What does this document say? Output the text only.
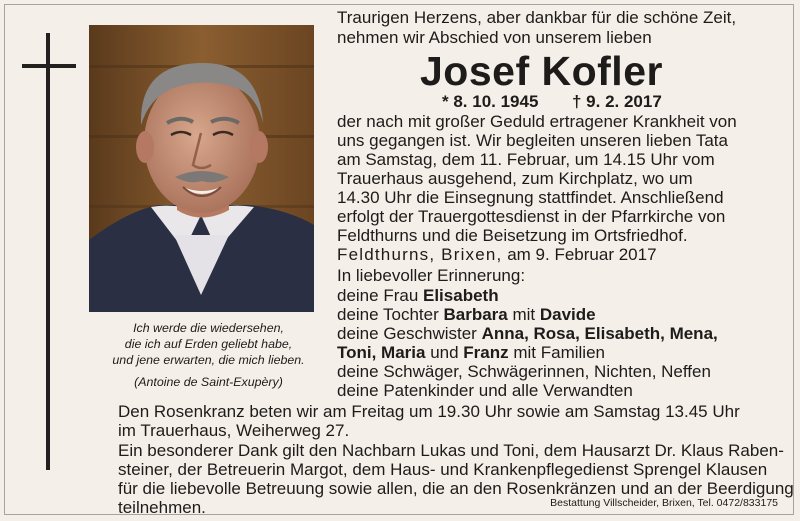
Ich werde die wiedersehen,
die ich auf Erden geliebt habe,
und jene erwarten, die mich lieben.
(Antoine de Saint-Exupèry)
Traurigen Herzens, aber dankbar für die schöne Zeit,
nehmen wir Abschied von unserem lieben
Josef Kofler
* 8. 10. 1945 † 9. 2. 2017
der nach mit großer Geduld ertragener Krankheit von
uns gegangen ist. Wir begleiten unseren lieben Tata
am Samstag, dem 11. Februar, um 14.15 Uhr vom
Trauerhaus ausgehend, zum Kirchplatz, wo um
14.30 Uhr die Einsegnung stattfindet. Anschließend
erfolgt der Trauergottesdienst in der Pfarrkirche von
Feldthurns und die Beisetzung im Ortsfriedhof.
Feldthurns, Brixen, am 9. Februar 2017
In liebevoller Erinnerung:
deine Frau Elisabeth
deine Tochter Barbara mit Davide
deine Geschwister Anna, Rosa, Elisabeth, Mena,
Toni, Maria und Franz mit Familien
deine Schwäger, Schwägerinnen, Nichten, Neffen
deine Patenkinder und alle Verwandten
Den Rosenkranz beten wir am Freitag um 19.30 Uhr sowie am Samstag 13.45 Uhr
im Trauerhaus, Weiherweg 27.
Ein besonderer Dank gilt den Nachbarn Lukas und Toni, dem Hausarzt Dr. Klaus Raben-
steiner, der Betreuerin Margot, dem Haus- und Krankenpflegedienst Sprengel Klausen
für die liebevolle Betreuung sowie allen, die an den Rosenkränzen und an der Beerdigung
teilnehmen.	Bestattung Villscheider, Brixen, Tel. 0472/833175
